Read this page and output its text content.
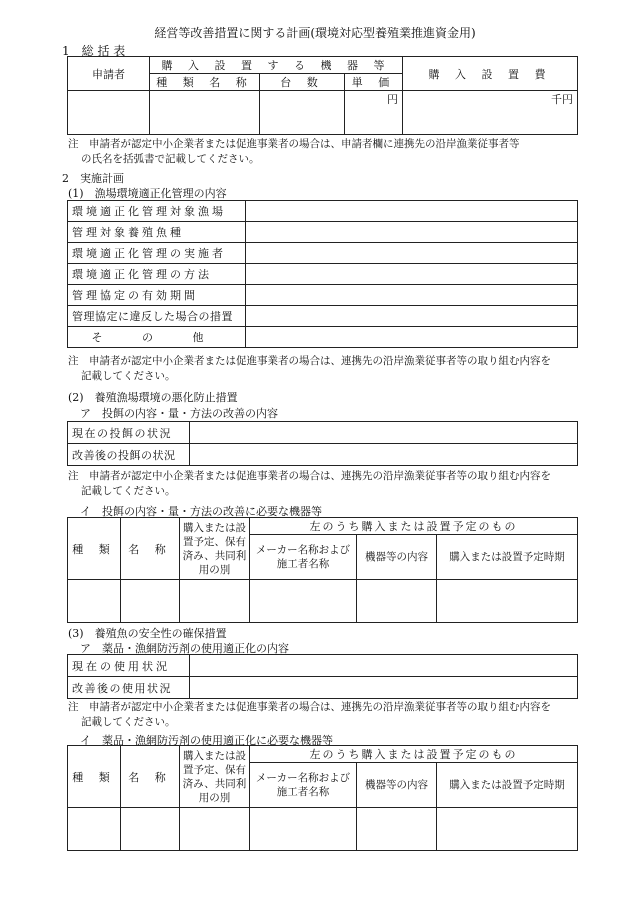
経営等改善措置に関する計画(環境対応型養殖業推進資金用)
1　総 括 表
申請者	購 入 設 置 す る 機 器 等			購 入 設 置 費
	種 類 名 称	台 数	単 価	
			円	千円
注　申請者が認定中小企業者または促進事業者の場合は、申請者欄に連携先の沿岸漁業従事者等
の氏名を括弧書で記載してください。
2　実施計画
(1)　漁場環境適正化管理の内容
環境適正化管理対象漁場	
管理対象養殖魚種	
環境適正化管理の実施者	
環境適正化管理の方法	
管理協定の有効期間	
管理協定に違反した場合の措置	
そ の 他	
注　申請者が認定中小企業者または促進事業者の場合は、連携先の沿岸漁業従事者等の取り組む内容を
記載してください。
(2)　養殖漁場環境の悪化防止措置
ア　投餌の内容・量・方法の改善の内容
現在の投餌の状況	
改善後の投餌の状況	
注　申請者が認定中小企業者または促進事業者の場合は、連携先の沿岸漁業従事者等の取り組む内容を
記載してください。
イ　投餌の内容・量・方法の改善に必要な機器等
種 類	名 称	購入または設置予定、保有済み、共同利用の別	左のうち購入または設置予定のもの		
			メーカー名称および施工者名称	機器等の内容	購入または設置予定時期

(3)　養殖魚の安全性の確保措置
ア　薬品・漁網防汚剤の使用適正化の内容
現在の使用状況	
改善後の使用状況	
注　申請者が認定中小企業者または促進事業者の場合は、連携先の沿岸漁業従事者等の取り組む内容を
記載してください。
イ　薬品・漁網防汚剤の使用適正化に必要な機器等
種 類	名 称	購入または設置予定、保有済み、共同利用の別	左のうち購入または設置予定のもの		
			メーカー名称および施工者名称	機器等の内容	購入または設置予定時期
